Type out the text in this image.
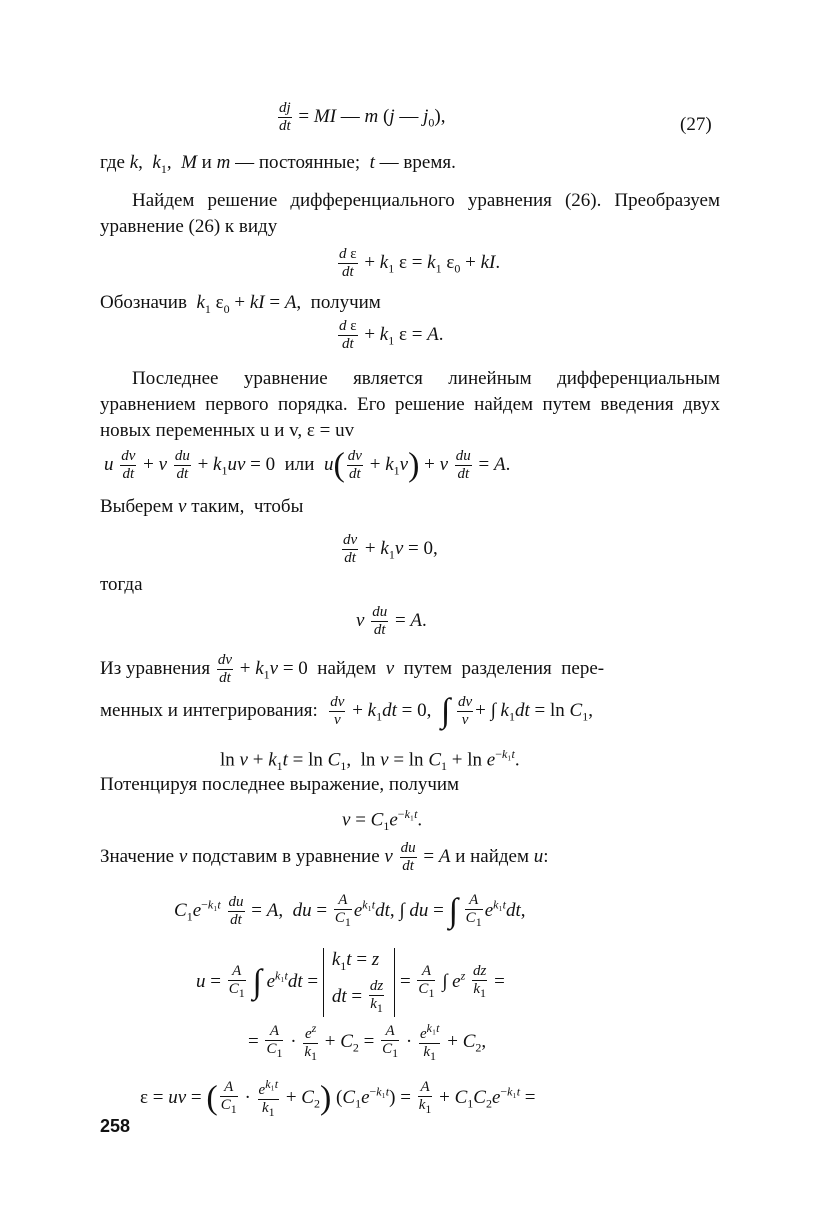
$\frac{dj}{dt}$ = MI — m (j — $j_0$),	(27)
где k,  $k_1$,  M и m — постоянные;  t — время.
Найдем решение дифференциального уравнения (26). Преобразуем уравнение (26) к виду
$\frac{\text{d ε}}{dt} + k_1$ $\varepsilon = k_1$ $\varepsilon_0$ + kI.
Обозначив  $k_1$ $\varepsilon_0$ + kI = A,  получим
$\frac{\text{d ε}}{dt} + k_1$ ε = A.
Последнее уравнение является линейным дифференциальным уравнением первого порядка. Его решение найдем путем введения двух новых переменных u и v, ε = uv
u $\frac{dv}{dt} + v \frac{du}{dt} + k_1uv = 0$  или  $u( \frac{dv}{dt} + k_1v) + v \frac{du}{dt} = A$.
Выберем v таким,  чтобы
$\frac{dv}{dt} + k_1v = 0$,
тогда
v $\frac{du}{dt} = A$.
Из уравнения $\frac{dv}{dt} + k_1v = 0$  найдем  v  путем  разделения  пере-
менных и интегрирования: $\frac{dv}{v} + k_1dt = 0$,  ∫ $\frac{dv}{v}$ + ∫ $k_1dt = \ln C_1$,
$\ln v + k_1t = \ln C_1$,  $\ln v = \ln C_1 + \ln e^{-k_1t}$.
Потенцируя последнее выражение, получим
$v = C_1e^{-k_1t}$.
Значение v подставим в уравнение v $\frac{du}{dt} = A$ и найдем u:
$C_1e^{-k_1t} \frac{du}{dt} = A$,  du = $\frac{A}{C_1} e^{k_1t}dt$, ∫ du = ∫ $\frac{A}{C_1} e^{k_1t}dt$,
$u = \frac{A}{C_1}$ ∫ $e^{k_1t}dt = k_1t = z$
dt = $\frac{dz}{k_1} = \frac{A}{C_1}$ ∫ $e^z \frac{dz}{k_1}$ =
= $\frac{A}{C_1} \cdot \frac{e^z}{k_1} + C_2 = \frac{A}{C_1} \cdot \frac{e^{k_1t}}{k_1} + C_2$,
ε = uv = ( $\frac{A}{C_1} \cdot \frac{e^{k_1t}}{k_1} + C_2$) $(C_1e^{-k_1t}) = \frac{A}{k_1} + C_1C_2e^{-k_1t}$ =
258
